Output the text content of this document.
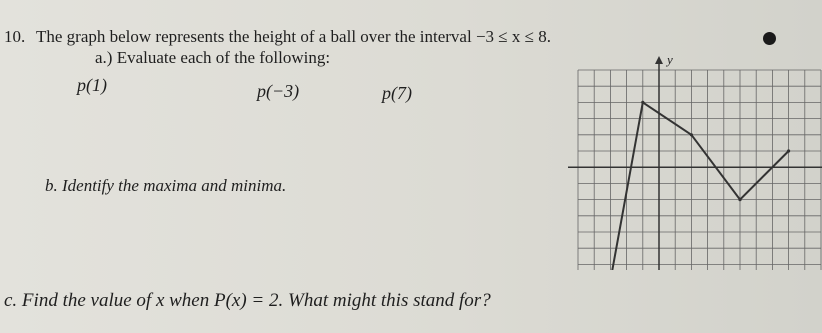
10. The graph below represents the height of a ball over the interval −3 ≤ x ≤ 8.
a.) Evaluate each of the following:
p(1)	p(−3)	p(7)
b. Identify the maxima and minima.
c. Find the value of x when P(x) = 2. What might this stand for?
y
